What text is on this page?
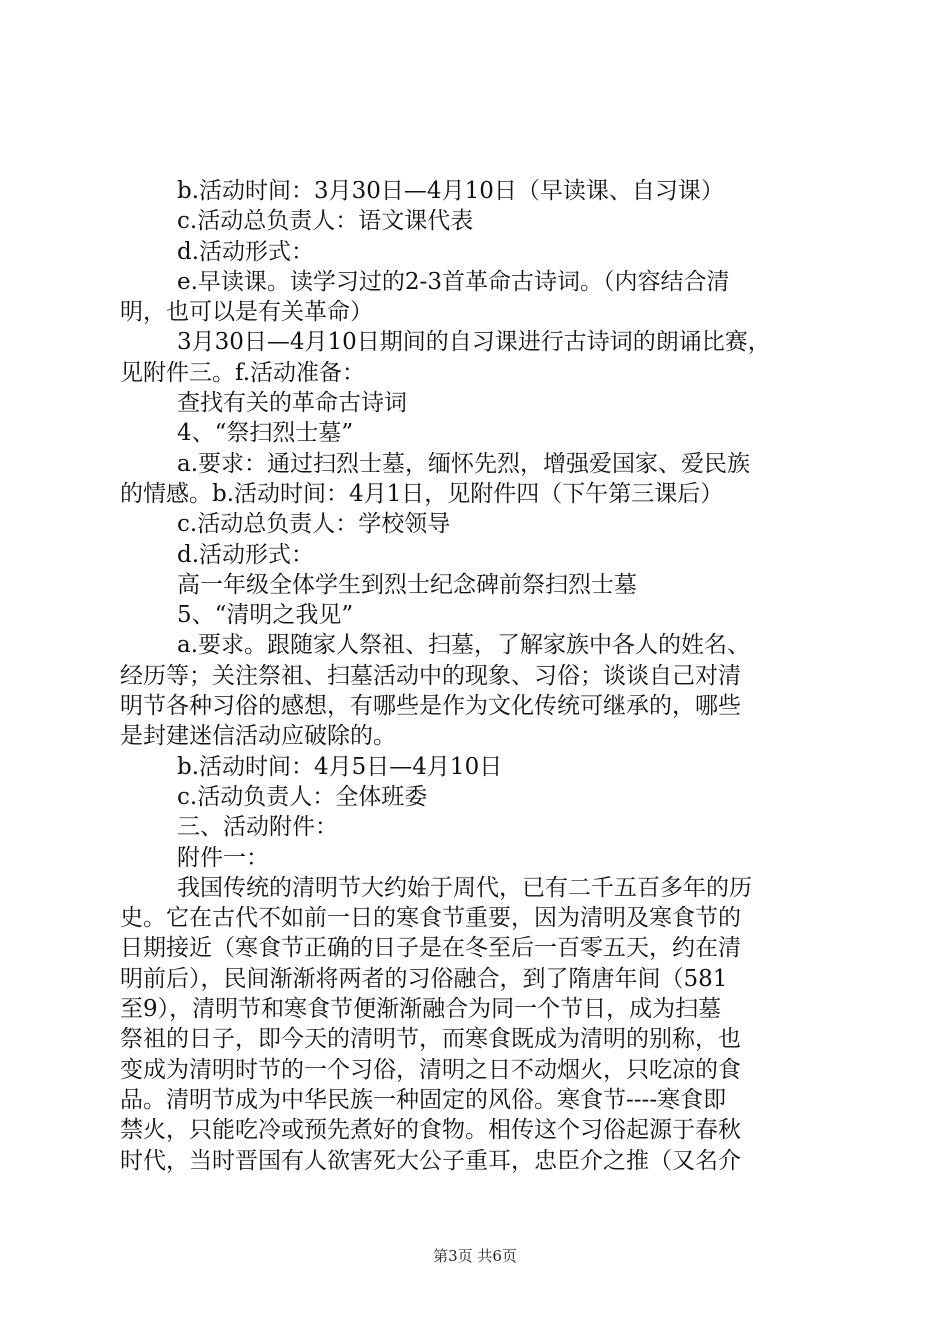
b.活动时间：3月30日—4月10日（早读课、自习课）
c.活动总负责人：语文课代表
d.活动形式：
e.早读课。读学习过的2-3首革命古诗词。（内容结合清
明，也可以是有关革命）
3月30日—4月10日期间的自习课进行古诗词的朗诵比赛，
见附件三。f.活动准备：
查找有关的革命古诗词
4、“祭扫烈士墓”
a.要求：通过扫烈士墓，缅怀先烈，增强爱国家、爱民族
的情感。b.活动时间：4月1日，见附件四（下午第三课后）
c.活动总负责人：学校领导
d.活动形式：
高一年级全体学生到烈士纪念碑前祭扫烈士墓
5、“清明之我见”
a.要求。跟随家人祭祖、扫墓，了解家族中各人的姓名、
经历等；关注祭祖、扫墓活动中的现象、习俗；谈谈自己对清
明节各种习俗的感想，有哪些是作为文化传统可继承的，哪些
是封建迷信活动应破除的。
b.活动时间：4月5日—4月10日
c.活动负责人：全体班委
三、活动附件：
附件一：
我国传统的清明节大约始于周代，已有二千五百多年的历
史。它在古代不如前一日的寒食节重要，因为清明及寒食节的
日期接近（寒食节正确的日子是在冬至后一百零五天，约在清
明前后），民间渐渐将两者的习俗融合，到了隋唐年间（581
至9），清明节和寒食节便渐渐融合为同一个节日，成为扫墓
祭祖的日子，即今天的清明节，而寒食既成为清明的别称，也
变成为清明时节的一个习俗，清明之日不动烟火，只吃凉的食
品。清明节成为中华民族一种固定的风俗。寒食节----寒食即
禁火，只能吃冷或预先煮好的食物。相传这个习俗起源于春秋
时代，当时晋国有人欲害死大公子重耳，忠臣介之推（又名介
第3页 共6页
